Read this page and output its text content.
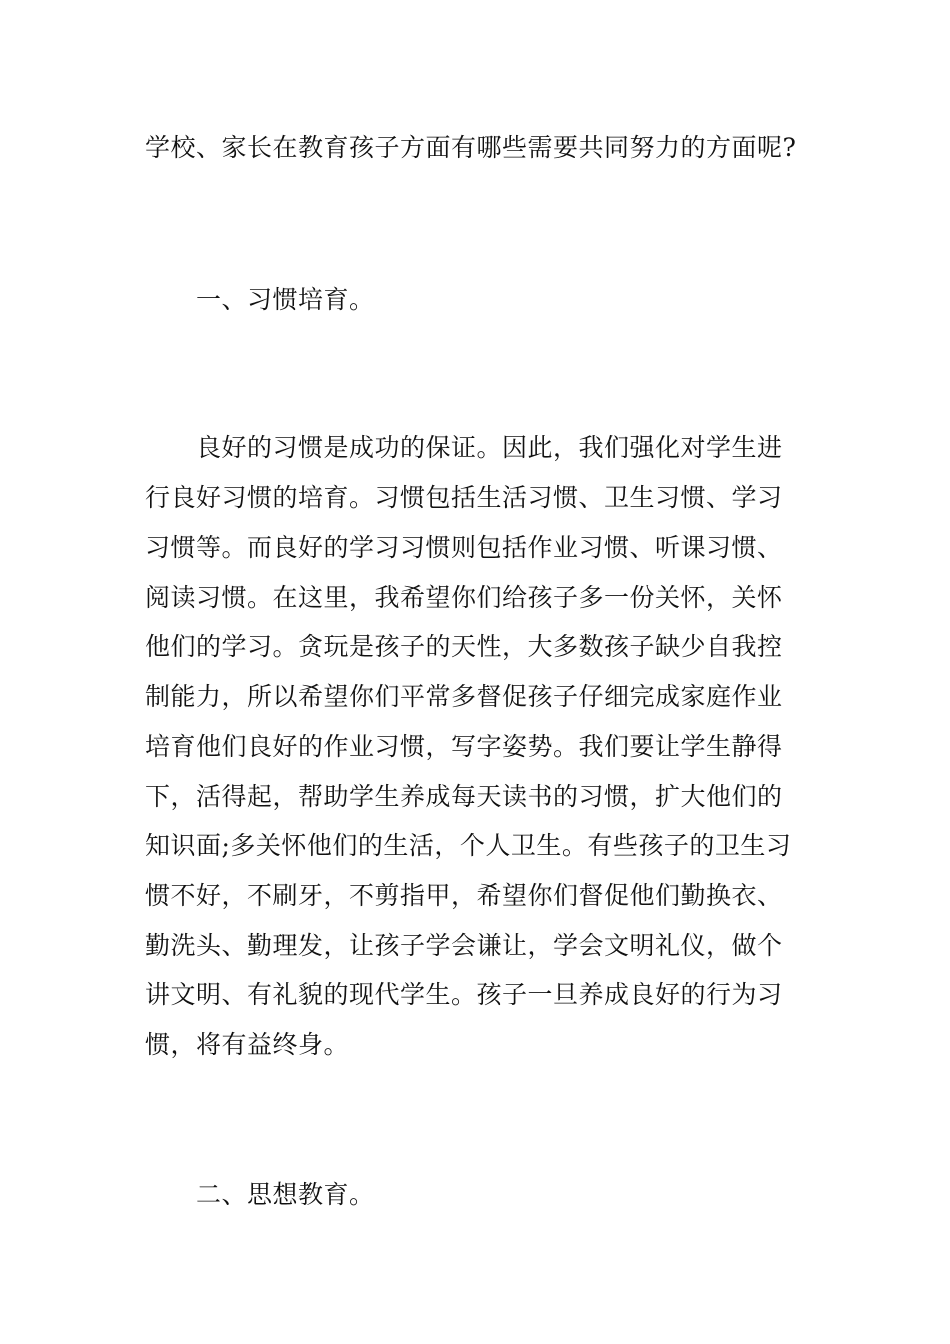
学校、家长在教育孩子方面有哪些需要共同努力的方面呢?
一、习惯培育。
良好的习惯是成功的保证。因此，我们强化对学生进
行良好习惯的培育。习惯包括生活习惯、卫生习惯、学习
习惯等。而良好的学习习惯则包括作业习惯、听课习惯、
阅读习惯。在这里，我希望你们给孩子多一份关怀，关怀
他们的学习。贪玩是孩子的天性，大多数孩子缺少自我控
制能力，所以希望你们平常多督促孩子仔细完成家庭作业
培育他们良好的作业习惯，写字姿势。我们要让学生静得
下，活得起，帮助学生养成每天读书的习惯，扩大他们的
知识面;多关怀他们的生活，个人卫生。有些孩子的卫生习
惯不好，不刷牙，不剪指甲，希望你们督促他们勤换衣、
勤洗头、勤理发，让孩子学会谦让，学会文明礼仪，做个
讲文明、有礼貌的现代学生。孩子一旦养成良好的行为习
惯，将有益终身。
二、思想教育。
